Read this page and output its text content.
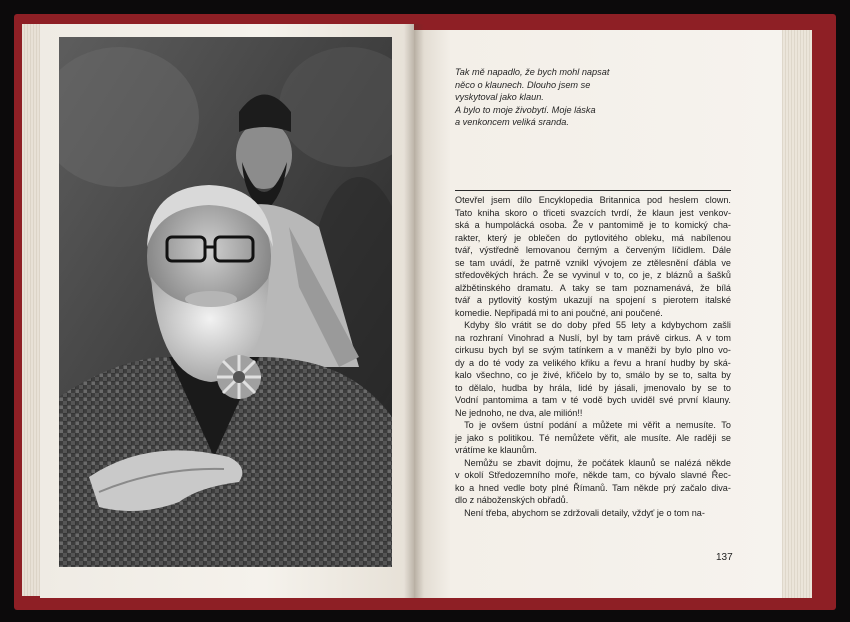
Tak mě napadlo, že bych mohl napsat
něco o klaunech. Dlouho jsem se
vyskytoval jako klaun.
A bylo to moje živobytí. Moje láska
a venkoncem veliká sranda.

Otevřel jsem dílo Encyklopedia Britannica pod heslem clown.
Tato kniha skoro o třiceti svazcích tvrdí, že klaun jest venkov-
ská a humpolácká osoba. Že v pantomimě je to komický cha-
rakter, který je oblečen do pytlovitého obleku, má nabílenou
tvář, výstředně lemovanou černým a červeným líčidlem. Dále
se tam uvádí, že patrně vznikl vývojem ze ztělesnění ďábla ve
středověkých hrách. Že se vyvinul v to, co je, z bláznů a šašků
alžbětinského dramatu. A taky se tam poznamenává, že bílá
tvář a pytlovitý kostým ukazují na spojení s pierotem italské
komedie. Nepřipadá mi to ani poučné, ani poučené.

 Kdyby šlo vrátit se do doby před 55 lety a kdybychom zašli
na rozhraní Vinohrad a Nuslí, byl by tam právě cirkus. A v tom
cirkusu bych byl se svým tatínkem a v maněži by bylo plno vo-
dy a do té vody za velikého křiku a řevu a hraní hudby by ská-
kalo všechno, co je živé, křičelo by to, smálo by se to, salta by
to dělalo, hudba by hrála, lidé by jásali, jmenovalo by se to
Vodní pantomima a tam v té vodě bych uviděl své první klauny.
Ne jednoho, ne dva, ale milión!!

 To je ovšem ústní podání a můžete mi věřit a nemusíte. To
je jako s politikou. Té nemůžete věřit, ale musíte. Ale raději se
vrátíme ke klaunům.

 Nemůžu se zbavit dojmu, že počátek klaunů se nalézá někde
v okolí Středozemního moře, někde tam, co bývalo slavné Řec-
ko a hned vedle boty plné Římanů. Tam někde prý začalo diva-
dlo z náboženských obřadů.

 Není třeba, abychom se zdržovali detaily, vždyť je o tom na-

137
